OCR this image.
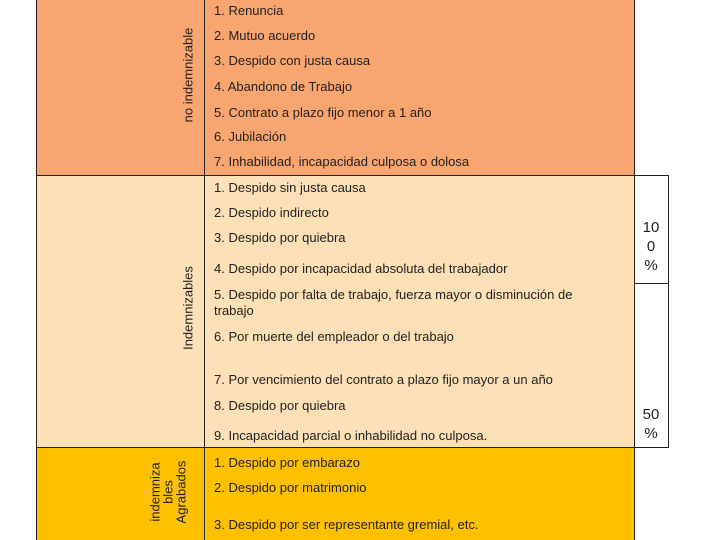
no indemnizable
Indemnizables
indemniza
bles
Agrabados
1. Renuncia
2. Mutuo acuerdo
3. Despido con justa causa
4. Abandono de Trabajo
5. Contrato a plazo fijo menor a 1 año
6. Jubilación
7. Inhabilidad, incapacidad culposa o dolosa
1. Despido sin justa causa
2. Despido indirecto
3. Despido por quiebra
4. Despido por incapacidad absoluta del trabajador
5. Despido por falta de trabajo, fuerza mayor o disminución de trabajo
6. Por muerte del empleador o del trabajo
7. Por vencimiento del contrato a plazo fijo mayor a un año
8. Despido por quiebra
9. Incapacidad parcial o inhabilidad no culposa.
1. Despido por embarazo
2. Despido por matrimonio
3. Despido por ser representante gremial, etc.
10
0
%
50
%
